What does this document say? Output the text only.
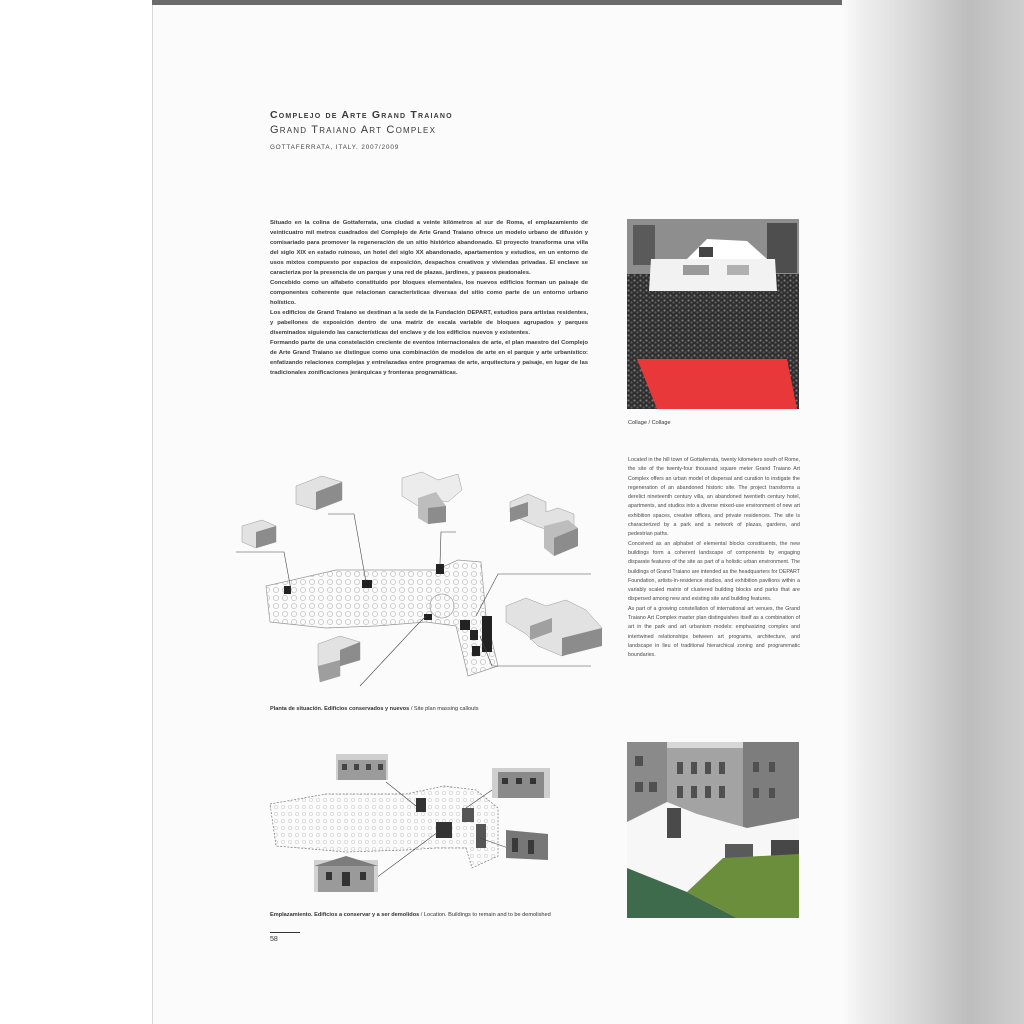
Complejo de Arte Grand Traiano
Grand Traiano Art Complex
GOTTAFERRATA, ITALY. 2007/2009

Situado en la colina de Gottaferrata, una ciudad a veinte kilómetros al sur de Roma, el emplazamiento de veinticuatro mil metros cuadrados del Complejo de Arte Grand Traiano ofrece un modelo urbano de difusión y comisariado para promover la regeneración de un sitio histórico abandonado. El proyecto transforma una villa del siglo XIX en estado ruinoso, un hotel del siglo XX abandonado, apartamentos y estudios, en un entorno de usos mixtos compuesto por espacios de exposición, despachos creativos y viviendas privadas. El enclave se caracteriza por la presencia de un parque y una red de plazas, jardines, y paseos peatonales.

Concebido como un alfabeto constituido por bloques elementales, los nuevos edificios forman un paisaje de componentes coherente que relacionan características diversas del sitio como parte de un entorno urbano holístico.

Los edificios de Grand Traiano se destinan a la sede de la Fundación DEPART, estudios para artistas residentes, y pabellones de exposición dentro de una matriz de escala variable de bloques agrupados y parques diseminados siguiendo las características del enclave y de los edificios nuevos y existentes.

Formando parte de una constelación creciente de eventos internacionales de arte, el plan maestro del Complejo de Arte Grand Traiano se distingue como una combinación de modelos de arte en el parque y arte urbanístico: enfatizando relaciones complejas y entrelazadas entre programas de arte, arquitectura y paisaje, en lugar de las tradicionales zonificaciones jerárquicas y fronteras programáticas.

Collage / Collage

Located in the hill town of Gottaferrata, twenty kilometers south of Rome, the site of the twenty-four thousand square meter Grand Traiano Art Complex offers an urban model of dispersal and curation to instigate the regeneration of an abandoned historic site. The project transforms a derelict nineteenth century villa, an abandoned twentieth century hotel, apartments, and studios into a diverse mixed-use environment of new art exhibition spaces, creative offices, and private residences. The site is characterized by a park and a network of plazas, gardens, and pedestrian paths.

Conceived as an alphabet of elemental blocks constituents, the new buildings form a coherent landscape of components by engaging disparate features of the site as part of a holistic urban environment. The buildings of Grand Traiano are intended as the headquarters for DEPART Foundation, artists-in-residence studios, and exhibition pavilions within a variably scaled matrix of clustered building blocks and parks that are dispersed among new and existing site and building features.

As part of a growing constellation of international art venues, the Grand Traiano Art Complex master plan distinguishes itself as a combination of art in the park and art urbanism models: emphasizing complex and intertwined relationships between art programs, architecture, and landscape in lieu of traditional hierarchical zoning and programmatic boundaries.

Planta de situación. Edificios conservados y nuevos / Site plan massing callouts
Emplazamiento. Edificios a conservar y a ser demolidos / Location. Buildings to remain and to be demolished
58
